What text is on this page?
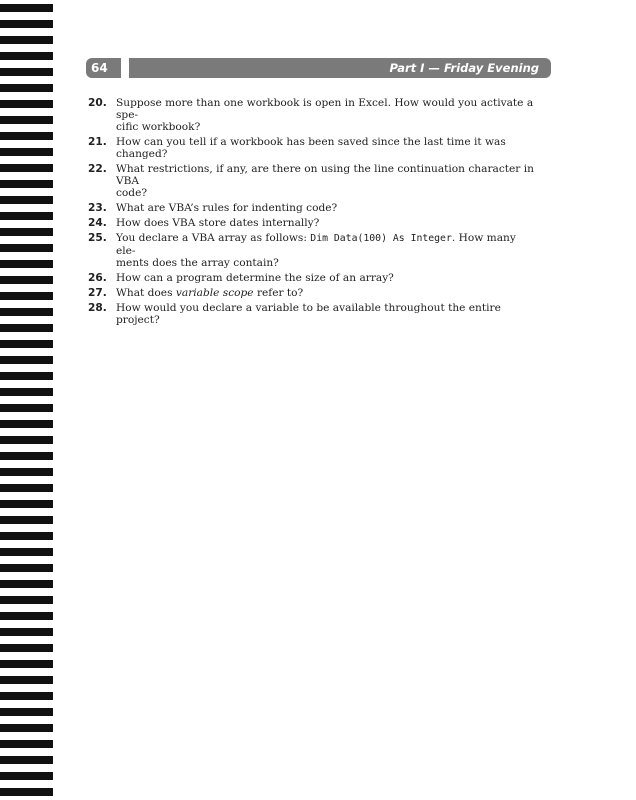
64	Part I — Friday Evening
20. Suppose more than one workbook is open in Excel. How would you activate a spe-
cific workbook?
21. How can you tell if a workbook has been saved since the last time it was changed?
22. What restrictions, if any, are there on using the line continuation character in VBA
code?
23. What are VBA’s rules for indenting code?
24. How does VBA store dates internally?
25. You declare a VBA array as follows: Dim Data(100) As Integer. How many ele-
ments does the array contain?
26. How can a program determine the size of an array?
27. What does variable scope refer to?
28. How would you declare a variable to be available throughout the entire project?
